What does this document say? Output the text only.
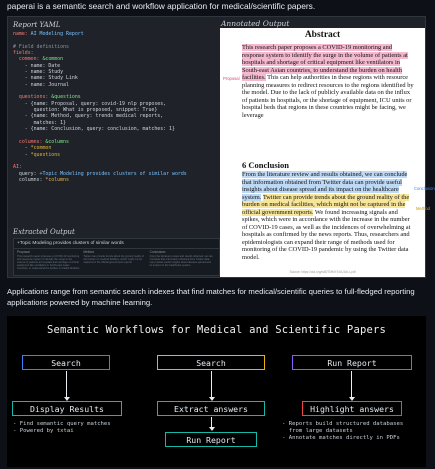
paperai is a semantic search and workflow application for medical/scientific papers.
Report YAML
name: AI Modeling Report

# Field definitions
fields:
common: &common
- name: Date
- name: Study
- name: Study Link
- name: Journal

questions: &questions
- {name: Proposal, query: covid-19 nlp proposes,
question: What is proposed, snippet: True}
- {name: Method, query: trends medical reports,
matches: 1}
- {name: Conclusion, query: conclusion, matches: 1}

columns: &columns
- *common
- *questions

AI:
query: +Topic Modeling provides clusters of similar words
columns: *columns
Extracted Output
+Topic Modeling provides clusters of similar words
Proposal
This research paper proposes a COVID-19 monitoring and response system to identify the surge in the volume of patients at hospitals and shortage of critical equipment like ventilators in South-east Asian countries, to understand the burden on health facilities.
Method
Twitter can provide trends about the ground reality of the burden on medical facilities, which might not be captured in the official government reports.
Conclusion
From the literature review and results obtained, we can conclude that information obtained from Twitter data can provide useful insights about disease spread and its impact on the healthcare system.
Annotated Output
Abstract
This research paper proposes a COVID-19 monitoring and response system to identify the surge in the volume of patients at hospitals and shortage of critical equipment like ventilators in South-east Asian countries, to understand the burden on health facilities. This can help authorities in these regions with resource planning measures to redirect resources to the regions identified by the model. Due to the lack of publicly available data on the influx of patients in hospitals, or the shortage of equipment, ICU units or hospital beds that regions in these countries might be facing, we leverage
Proposal
6 Conclusion
From the literature review and results obtained, we can conclude that information obtained from Twitter data can provide useful insights about disease spread and its impact on the healthcare system. Twitter can provide trends about the ground reality of the burden on medical facilities, which might not be captured in the official government reports. We found increasing signals and spikes, which were in accordance with the increase in the number of COVID-19 cases, as well as the incidences of overwhelming at hospitals as confirmed by the news reports. Thus, researchers and epidemiologists can expand their range of methods used for monitoring of the COVID-19 pandemic by using the Twitter data model.
Conclusion
Method
Source: https://doi.org/w80TMMY19A.5Ar-Lpdf
Applications range from semantic search indexes that find matches for medical/scientific queries to full-fledged reporting applications powered by machine learning.
Semantic Workflows for Medical and Scientific Papers
Search
Display Results
- Find semantic query matches
- Powered by txtai
Search
Extract answers
Run Report
Run Report
Highlight answers
- Reports build structured databases
from large datasets
- Annotate matches directly in PDFs
